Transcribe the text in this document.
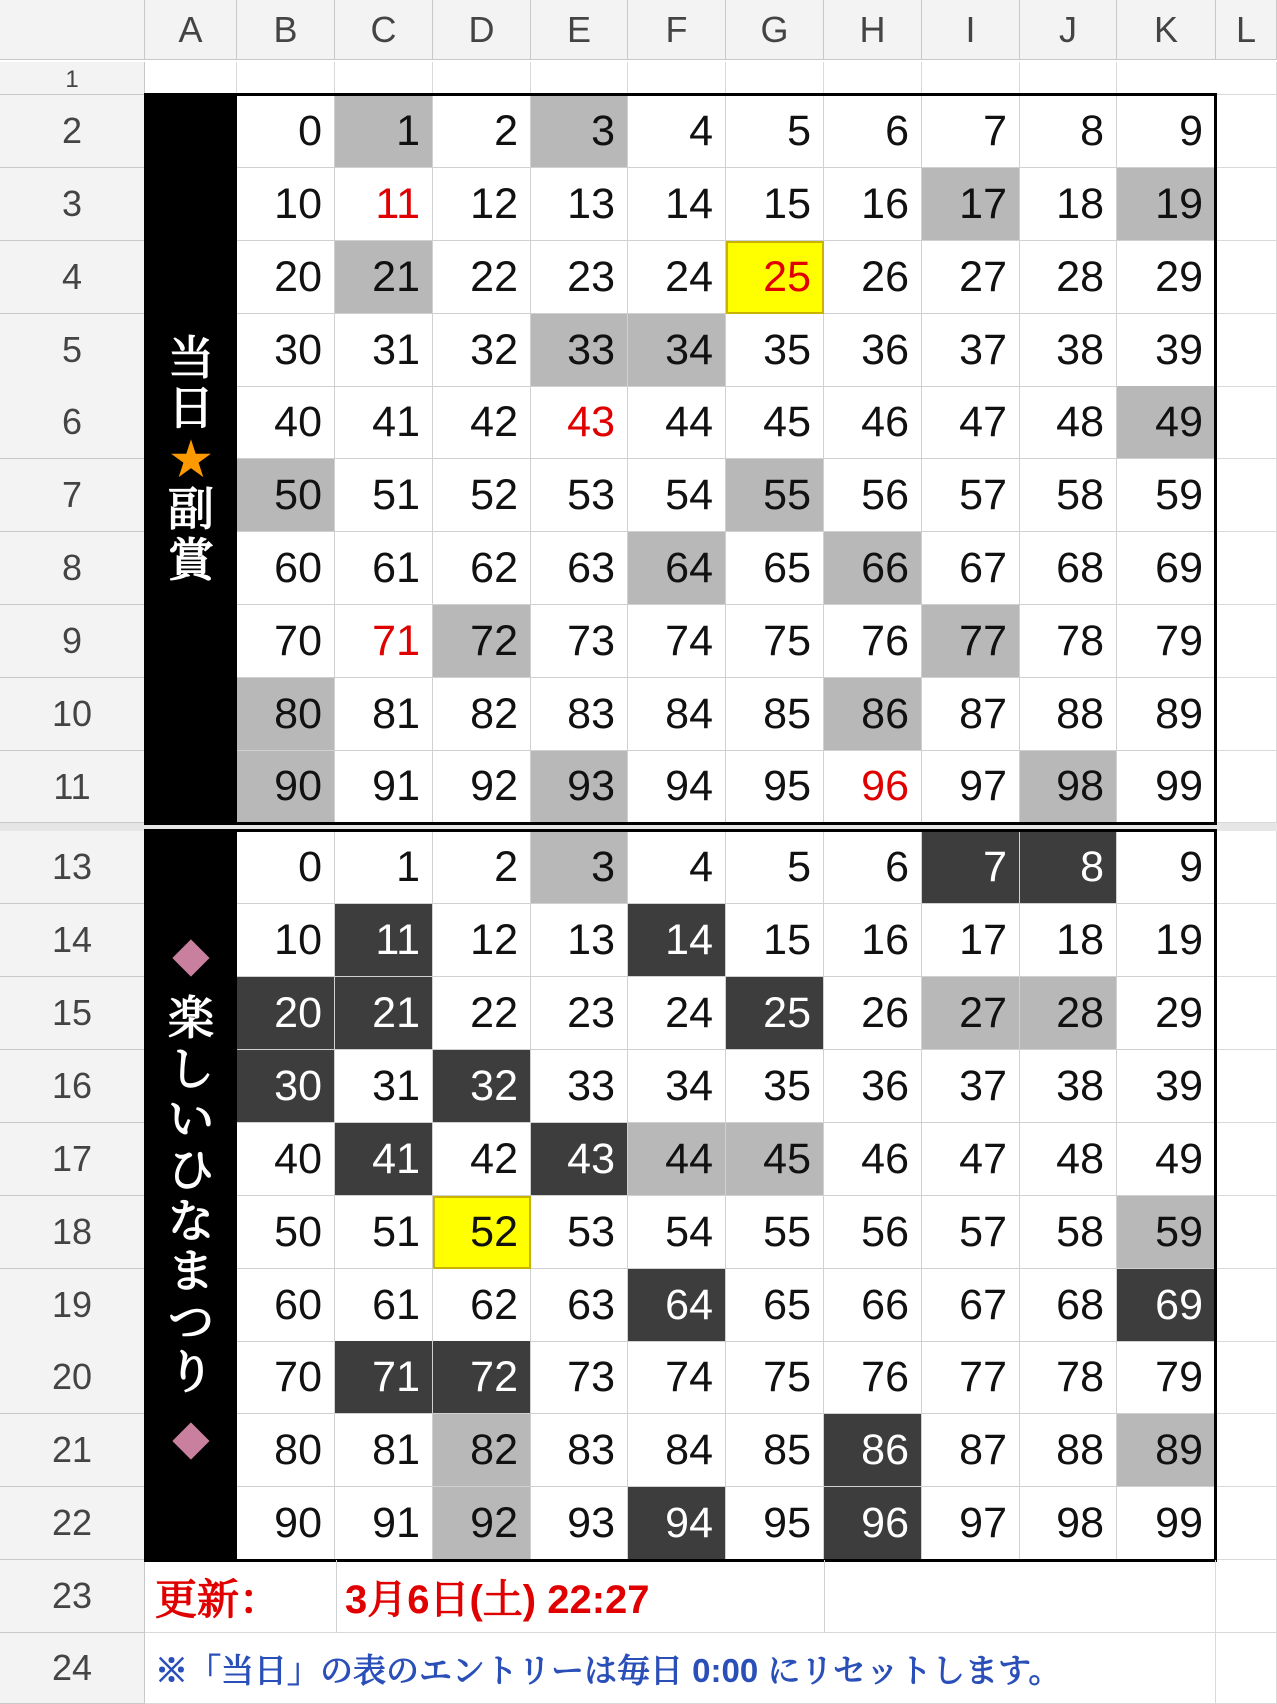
A	B	C	D	E	F	G	H	I	J	K	L
1
2
3
4
5
6
7
8
9
10
11
13
14
15
16
17
18
19
20
21
22
23
24
当
日
★
副
賞
0	1	2	3	4	5	6	7	8	9
10	11	12	13	14	15	16	17	18	19
20	21	22	23	24	25	26	27	28	29
30	31	32	33	34	35	36	37	38	39
40	41	42	43	44	45	46	47	48	49
50	51	52	53	54	55	56	57	58	59
60	61	62	63	64	65	66	67	68	69
70	71	72	73	74	75	76	77	78	79
80	81	82	83	84	85	86	87	88	89
90	91	92	93	94	95	96	97	98	99
◆
楽
し
い
ひ
な
ま
つ
り
◆
0	1	2	3	4	5	6	7	8	9
10	11	12	13	14	15	16	17	18	19
20	21	22	23	24	25	26	27	28	29
30	31	32	33	34	35	36	37	38	39
40	41	42	43	44	45	46	47	48	49
50	51	52	53	54	55	56	57	58	59
60	61	62	63	64	65	66	67	68	69
70	71	72	73	74	75	76	77	78	79
80	81	82	83	84	85	86	87	88	89
90	91	92	93	94	95	96	97	98	99
更新：	3月6日(土) 22:27
※「当日」の表のエントリーは毎日 0:00 にリセットします。
